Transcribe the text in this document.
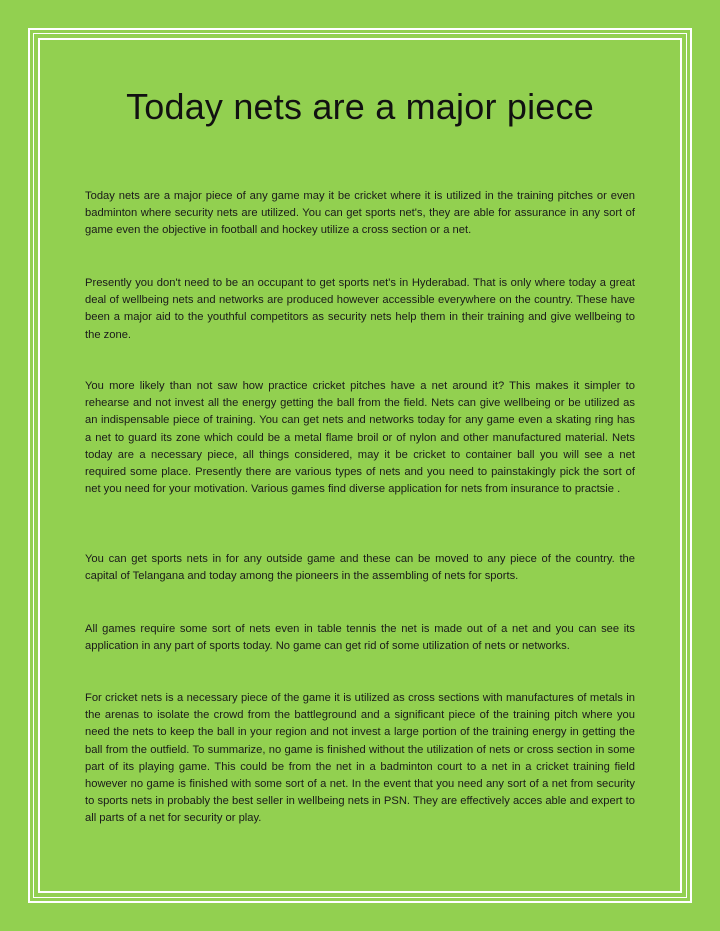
Today nets are a major piece

Today nets are a major piece of any game may it be cricket where it is utilized in the training pitches or even badminton where security nets are utilized. You can get sports net's, they are able for assurance in any sort of game even the objective in football and hockey utilize a cross section or a net.

Presently you don't need to be an occupant to get sports net's in Hyderabad. That is only where today a great deal of wellbeing nets and networks are produced however accessible everywhere on the country. These have been a major aid to the youthful competitors as security nets help them in their training and give wellbeing to the zone.

You more likely than not saw how practice cricket pitches have a net around it? This makes it simpler to rehearse and not invest all the energy getting the ball from the field. Nets can give wellbeing or be utilized as an indispensable piece of training. You can get nets and networks today for any game even a skating ring has a net to guard its zone which could be a metal flame broil or of nylon and other manufactured material. Nets today are a necessary piece, all things considered, may it be cricket to container ball you will see a net required some place. Presently there are various types of nets and you need to painstakingly pick the sort of net you need for your motivation. Various games find diverse application for nets from insurance to practsie .

You can get sports nets in for any outside game and these can be moved to any piece of the country. the capital of Telangana and today among the pioneers in the assembling of nets for sports.

All games require some sort of nets even in table tennis the net is made out of a net and you can see its application in any part of sports today. No game can get rid of some utilization of nets or networks.

For cricket nets is a necessary piece of the game it is utilized as cross sections with manufactures of metals in the arenas to isolate the crowd from the battleground and a significant piece of the training pitch where you need the nets to keep the ball in your region and not invest a large portion of the training energy in getting the ball from the outfield. To summarize, no game is finished without the utilization of nets or cross section in some part of its playing game. This could be from the net in a badminton court to a net in a cricket training field however no game is finished with some sort of a net. In the event that you need any sort of a net from security to sports nets in probably the best seller in wellbeing nets in PSN. They are effectively acces able and expert to all parts of a net for security or play.
